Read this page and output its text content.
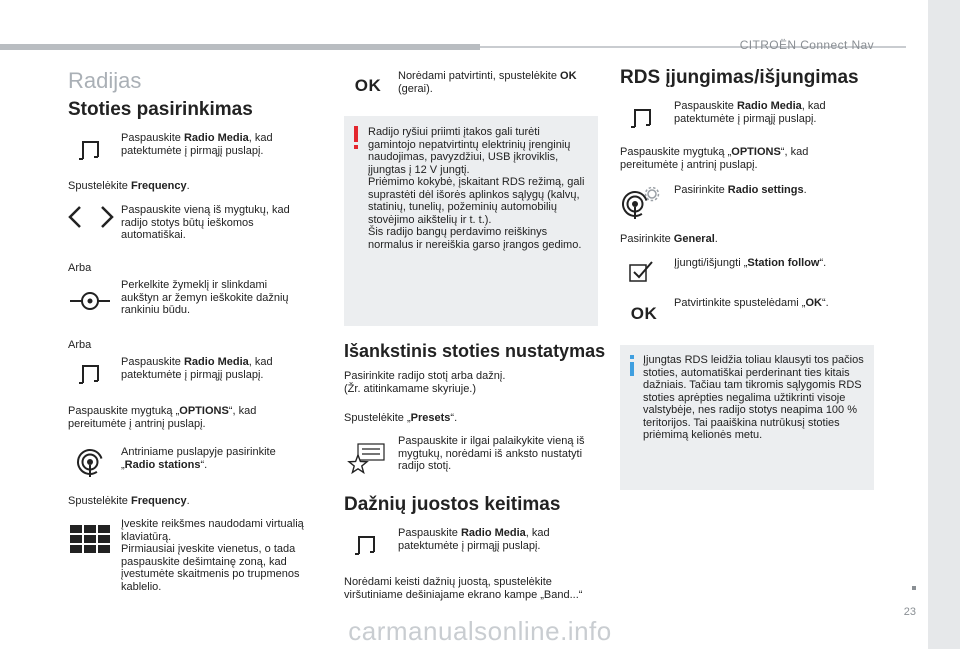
CITROËN Connect Nav
23
Radijas
Stoties pasirinkimas
Paspauskite Radio Media, kad patektumėte į pirmąjį puslapį.
Spustelėkite Frequency.
Paspauskite vieną iš mygtukų, kad radijo stotys būtų ieškomos automatiškai.
Arba
Perkelkite žymeklį ir slinkdami aukštyn ar žemyn ieškokite dažnių rankiniu būdu.
Arba
Paspauskite Radio Media, kad patektumėte į pirmąjį puslapį.
Paspauskite mygtuką „OPTIONS“, kad pereitumėte į antrinį puslapį.
Antriniame puslapyje pasirinkite „Radio stations“.
Spustelėkite Frequency.
Įveskite reikšmes naudodami virtualią klaviatūrą.
Pirmiausiai įveskite vienetus, o tada paspauskite dešimtainę zoną, kad įvestumėte skaitmenis po trupmenos kablelio.
OK	Norėdami patvirtinti, spustelėkite OK (gerai).
Radijo ryšiui priimti įtakos gali turėti gamintojo nepatvirtintų elektrinių įrenginių naudojimas, pavyzdžiui, USB įkroviklis, įjungtas į 12 V jungtį.
Priėmimo kokybė, įskaitant RDS režimą, gali suprastėti dėl išorės aplinkos sąlygų (kalvų, statinių, tunelių, požeminių automobilių stovėjimo aikštelių ir t. t.).
Šis radijo bangų perdavimo reiškinys normalus ir nereiškia garso įrangos gedimo.
Išankstinis stoties nustatymas
Pasirinkite radijo stotį arba dažnį.
(Žr. atitinkamame skyriuje.)
Spustelėkite „Presets“.
Paspauskite ir ilgai palaikykite vieną iš mygtukų, norėdami iš anksto nustatyti radijo stotį.
Dažnių juostos keitimas
Paspauskite Radio Media, kad patektumėte į pirmąjį puslapį.
Norėdami keisti dažnių juostą, spustelėkite viršutiniame dešiniajame ekrano kampe „Band...“
RDS įjungimas/išjungimas
Paspauskite Radio Media, kad patektumėte į pirmąjį puslapį.
Paspauskite mygtuką „OPTIONS“, kad pereitumėte į antrinį puslapį.
Pasirinkite Radio settings.
Pasirinkite General.
Įjungti/išjungti „Station follow“.
OK
Patvirtinkite spustelėdami „OK“.
Įjungtas RDS leidžia toliau klausyti tos pačios stoties, automatiškai perderinant ties kitais dažniais. Tačiau tam tikromis sąlygomis RDS stoties aprėpties negalima užtikrinti visoje valstybėje, nes radijo stotys neapima 100 % teritorijos. Tai paaiškina nutrūkusį stoties priėmimą kelionės metu.
carmanualsonline.info
